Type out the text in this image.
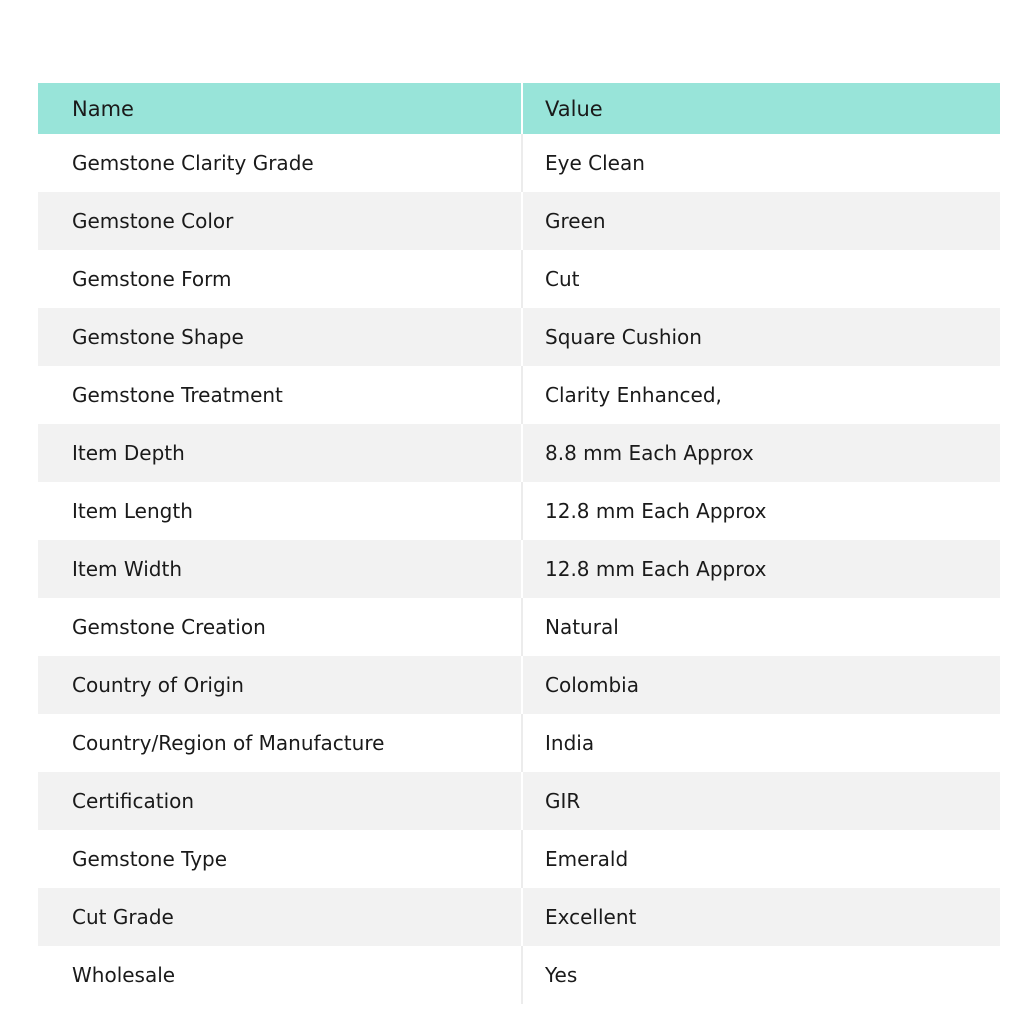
Name	Value
Gemstone Clarity Grade	Eye Clean
Gemstone Color	Green
Gemstone Form	Cut
Gemstone Shape	Square Cushion
Gemstone Treatment	Clarity Enhanced,
Item Depth	8.8 mm Each Approx
Item Length	12.8 mm Each Approx
Item Width	12.8 mm Each Approx
Gemstone Creation	Natural
Country of Origin	Colombia
Country/Region of Manufacture	India
Certification	GIR
Gemstone Type	Emerald
Cut Grade	Excellent
Wholesale	Yes
